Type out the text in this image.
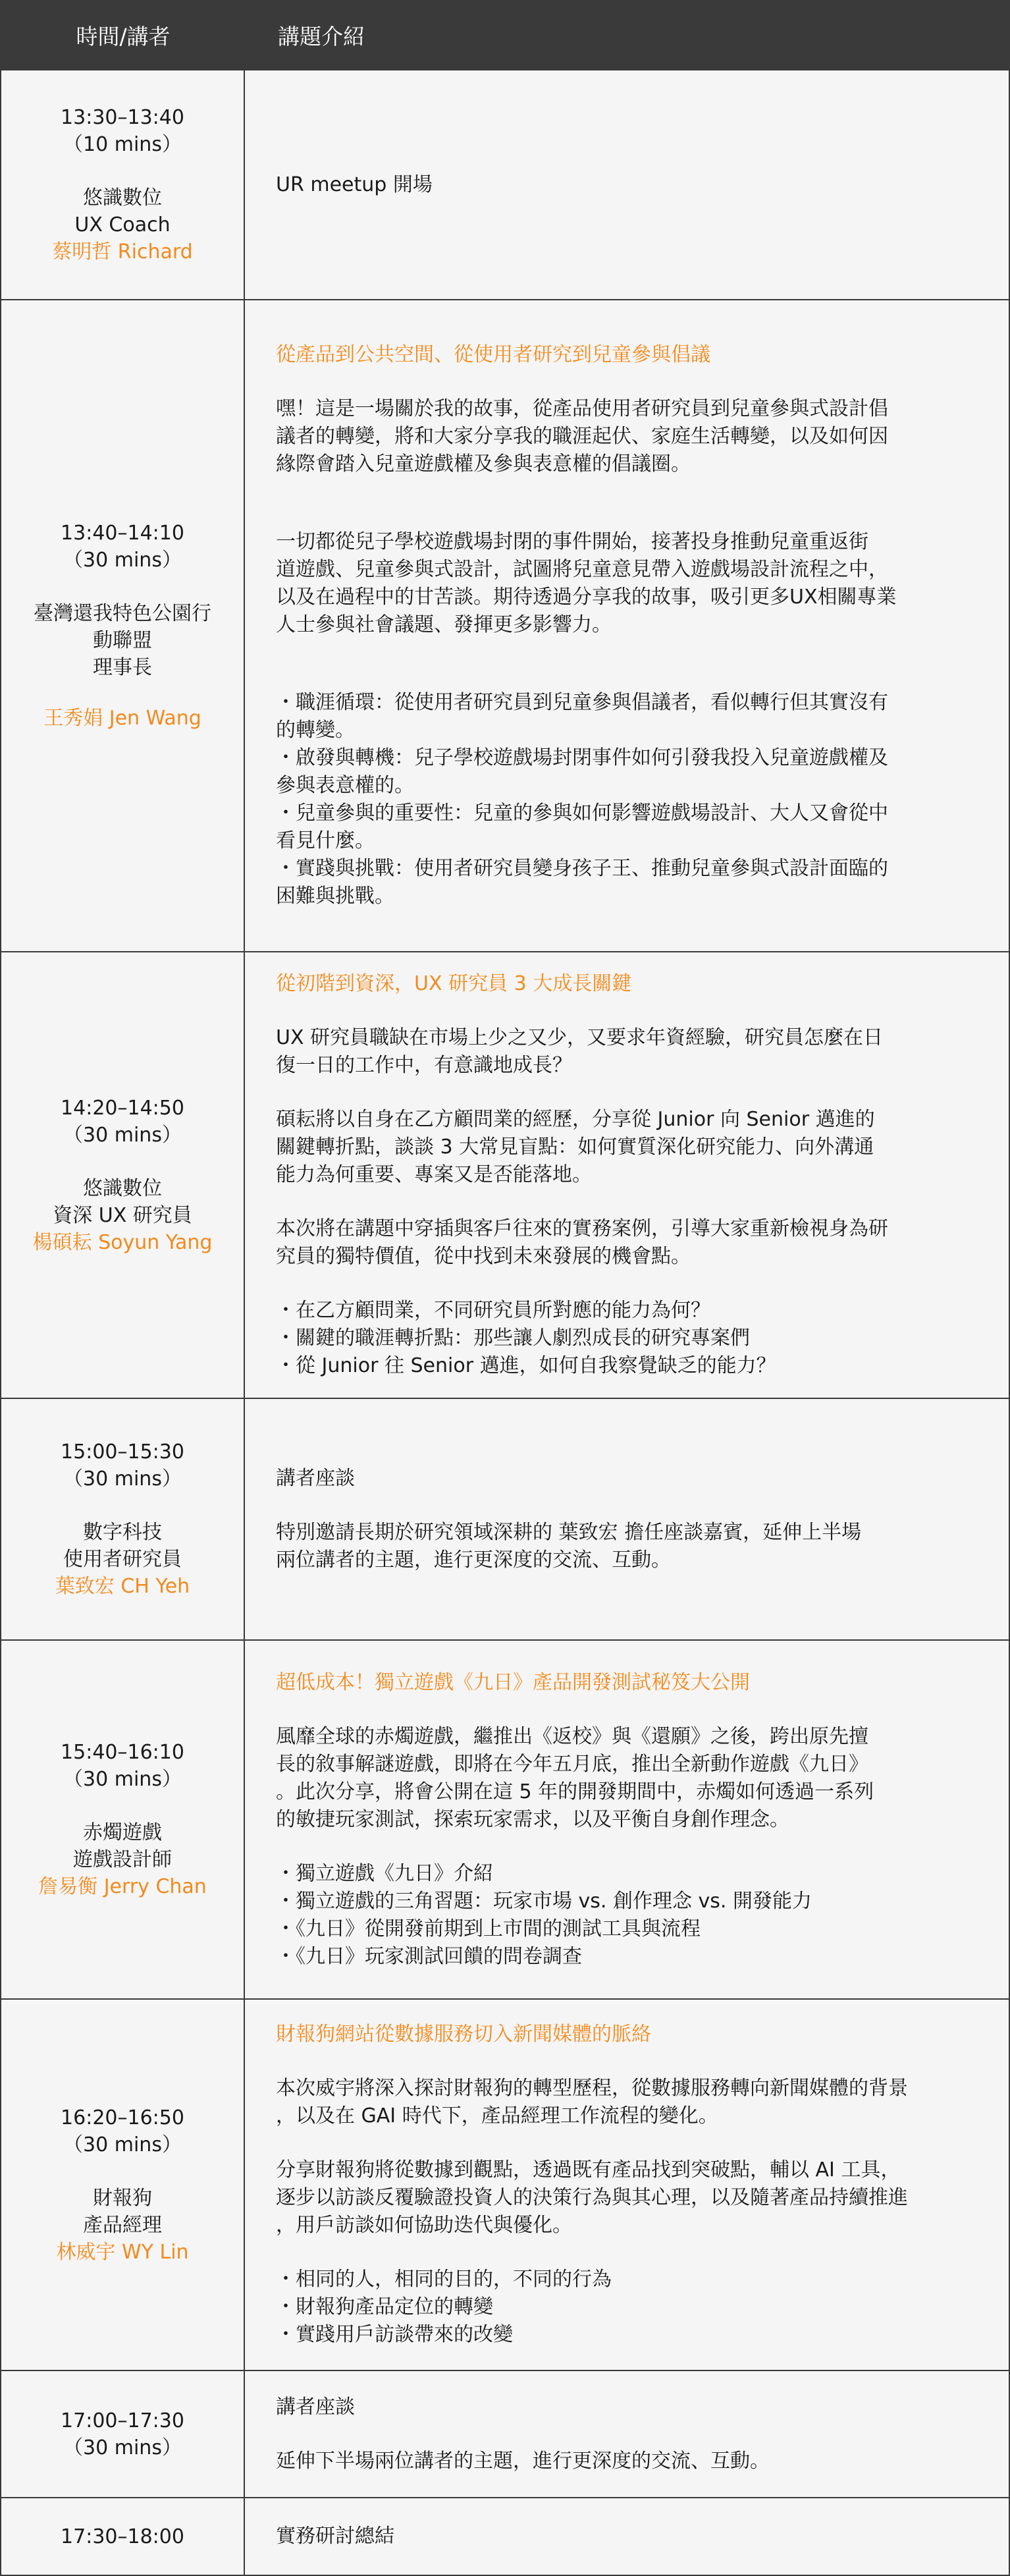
時間/講者	講題介紹
13:30–13:40
（10 mins）
悠識數位
UX Coach
蔡明哲 Richard
UR meetup 開場
13:40–14:10
（30 mins）
臺灣還我特色公園行
動聯盟
理事長
王秀娟 Jen Wang
從產品到公共空間、從使用者研究到兒童參與倡議
嘿！這是一場關於我的故事，從產品使用者研究員到兒童參與式設計倡
議者的轉變，將和大家分享我的職涯起伏、家庭生活轉變，以及如何因
緣際會踏入兒童遊戲權及參與表意權的倡議圈。
一切都從兒子學校遊戲場封閉的事件開始，接著投身推動兒童重返街
道遊戲、兒童參與式設計，試圖將兒童意見帶入遊戲場設計流程之中，
以及在過程中的甘苦談。期待透過分享我的故事，吸引更多UX相關專業
人士參與社會議題、發揮更多影響力。
・職涯循環：從使用者研究員到兒童參與倡議者，看似轉行但其實沒有
的轉變。
・啟發與轉機：兒子學校遊戲場封閉事件如何引發我投入兒童遊戲權及
參與表意權的。
・兒童參與的重要性：兒童的參與如何影響遊戲場設計、大人又會從中
看見什麼。
・實踐與挑戰：使用者研究員變身孩子王、推動兒童參與式設計面臨的
困難與挑戰。
14:20–14:50
（30 mins）
悠識數位
資深 UX 研究員
楊碩耘 Soyun Yang
從初階到資深，UX 研究員 3 大成長關鍵
UX 研究員職缺在市場上少之又少，又要求年資經驗，研究員怎麼在日
復一日的工作中，有意識地成長？
碩耘將以自身在乙方顧問業的經歷，分享從 Junior 向 Senior 邁進的
關鍵轉折點，談談 3 大常見盲點：如何實質深化研究能力、向外溝通
能力為何重要、專案又是否能落地。
本次將在講題中穿插與客戶往來的實務案例，引導大家重新檢視身為研
究員的獨特價值，從中找到未來發展的機會點。
・在乙方顧問業，不同研究員所對應的能力為何？
・關鍵的職涯轉折點：那些讓人劇烈成長的研究專案們
・從 Junior 往 Senior 邁進，如何自我察覺缺乏的能力？
15:00–15:30
（30 mins）
數字科技
使用者研究員
葉致宏 CH Yeh
講者座談
特別邀請長期於研究領域深耕的 葉致宏 擔任座談嘉賓，延伸上半場
兩位講者的主題，進行更深度的交流、互動。
15:40–16:10
（30 mins）
赤燭遊戲
遊戲設計師
詹易衡 Jerry Chan
超低成本！獨立遊戲《九日》產品開發測試秘笈大公開
風靡全球的赤燭遊戲，繼推出《返校》與《還願》之後，跨出原先擅
長的敘事解謎遊戲，即將在今年五月底，推出全新動作遊戲《九日》
。此次分享，將會公開在這 5 年的開發期間中，赤燭如何透過一系列
的敏捷玩家測試，探索玩家需求，以及平衡自身創作理念。
・獨立遊戲《九日》介紹
・獨立遊戲的三角習題：玩家市場 vs. 創作理念 vs. 開發能力
・《九日》從開發前期到上市間的測試工具與流程
・《九日》玩家測試回饋的問卷調查
16:20–16:50
（30 mins）
財報狗
產品經理
林威宇 WY Lin
財報狗網站從數據服務切入新聞媒體的脈絡
本次威宇將深入探討財報狗的轉型歷程，從數據服務轉向新聞媒體的背景
，以及在 GAI 時代下，產品經理工作流程的變化。
分享財報狗將從數據到觀點，透過既有產品找到突破點，輔以 AI 工具，
逐步以訪談反覆驗證投資人的決策行為與其心理，以及隨著產品持續推進
，用戶訪談如何協助迭代與優化。
・相同的人，相同的目的，不同的行為
・財報狗產品定位的轉變
・實踐用戶訪談帶來的改變
17:00–17:30
（30 mins）
講者座談
延伸下半場兩位講者的主題，進行更深度的交流、互動。
17:30–18:00	實務研討總結
